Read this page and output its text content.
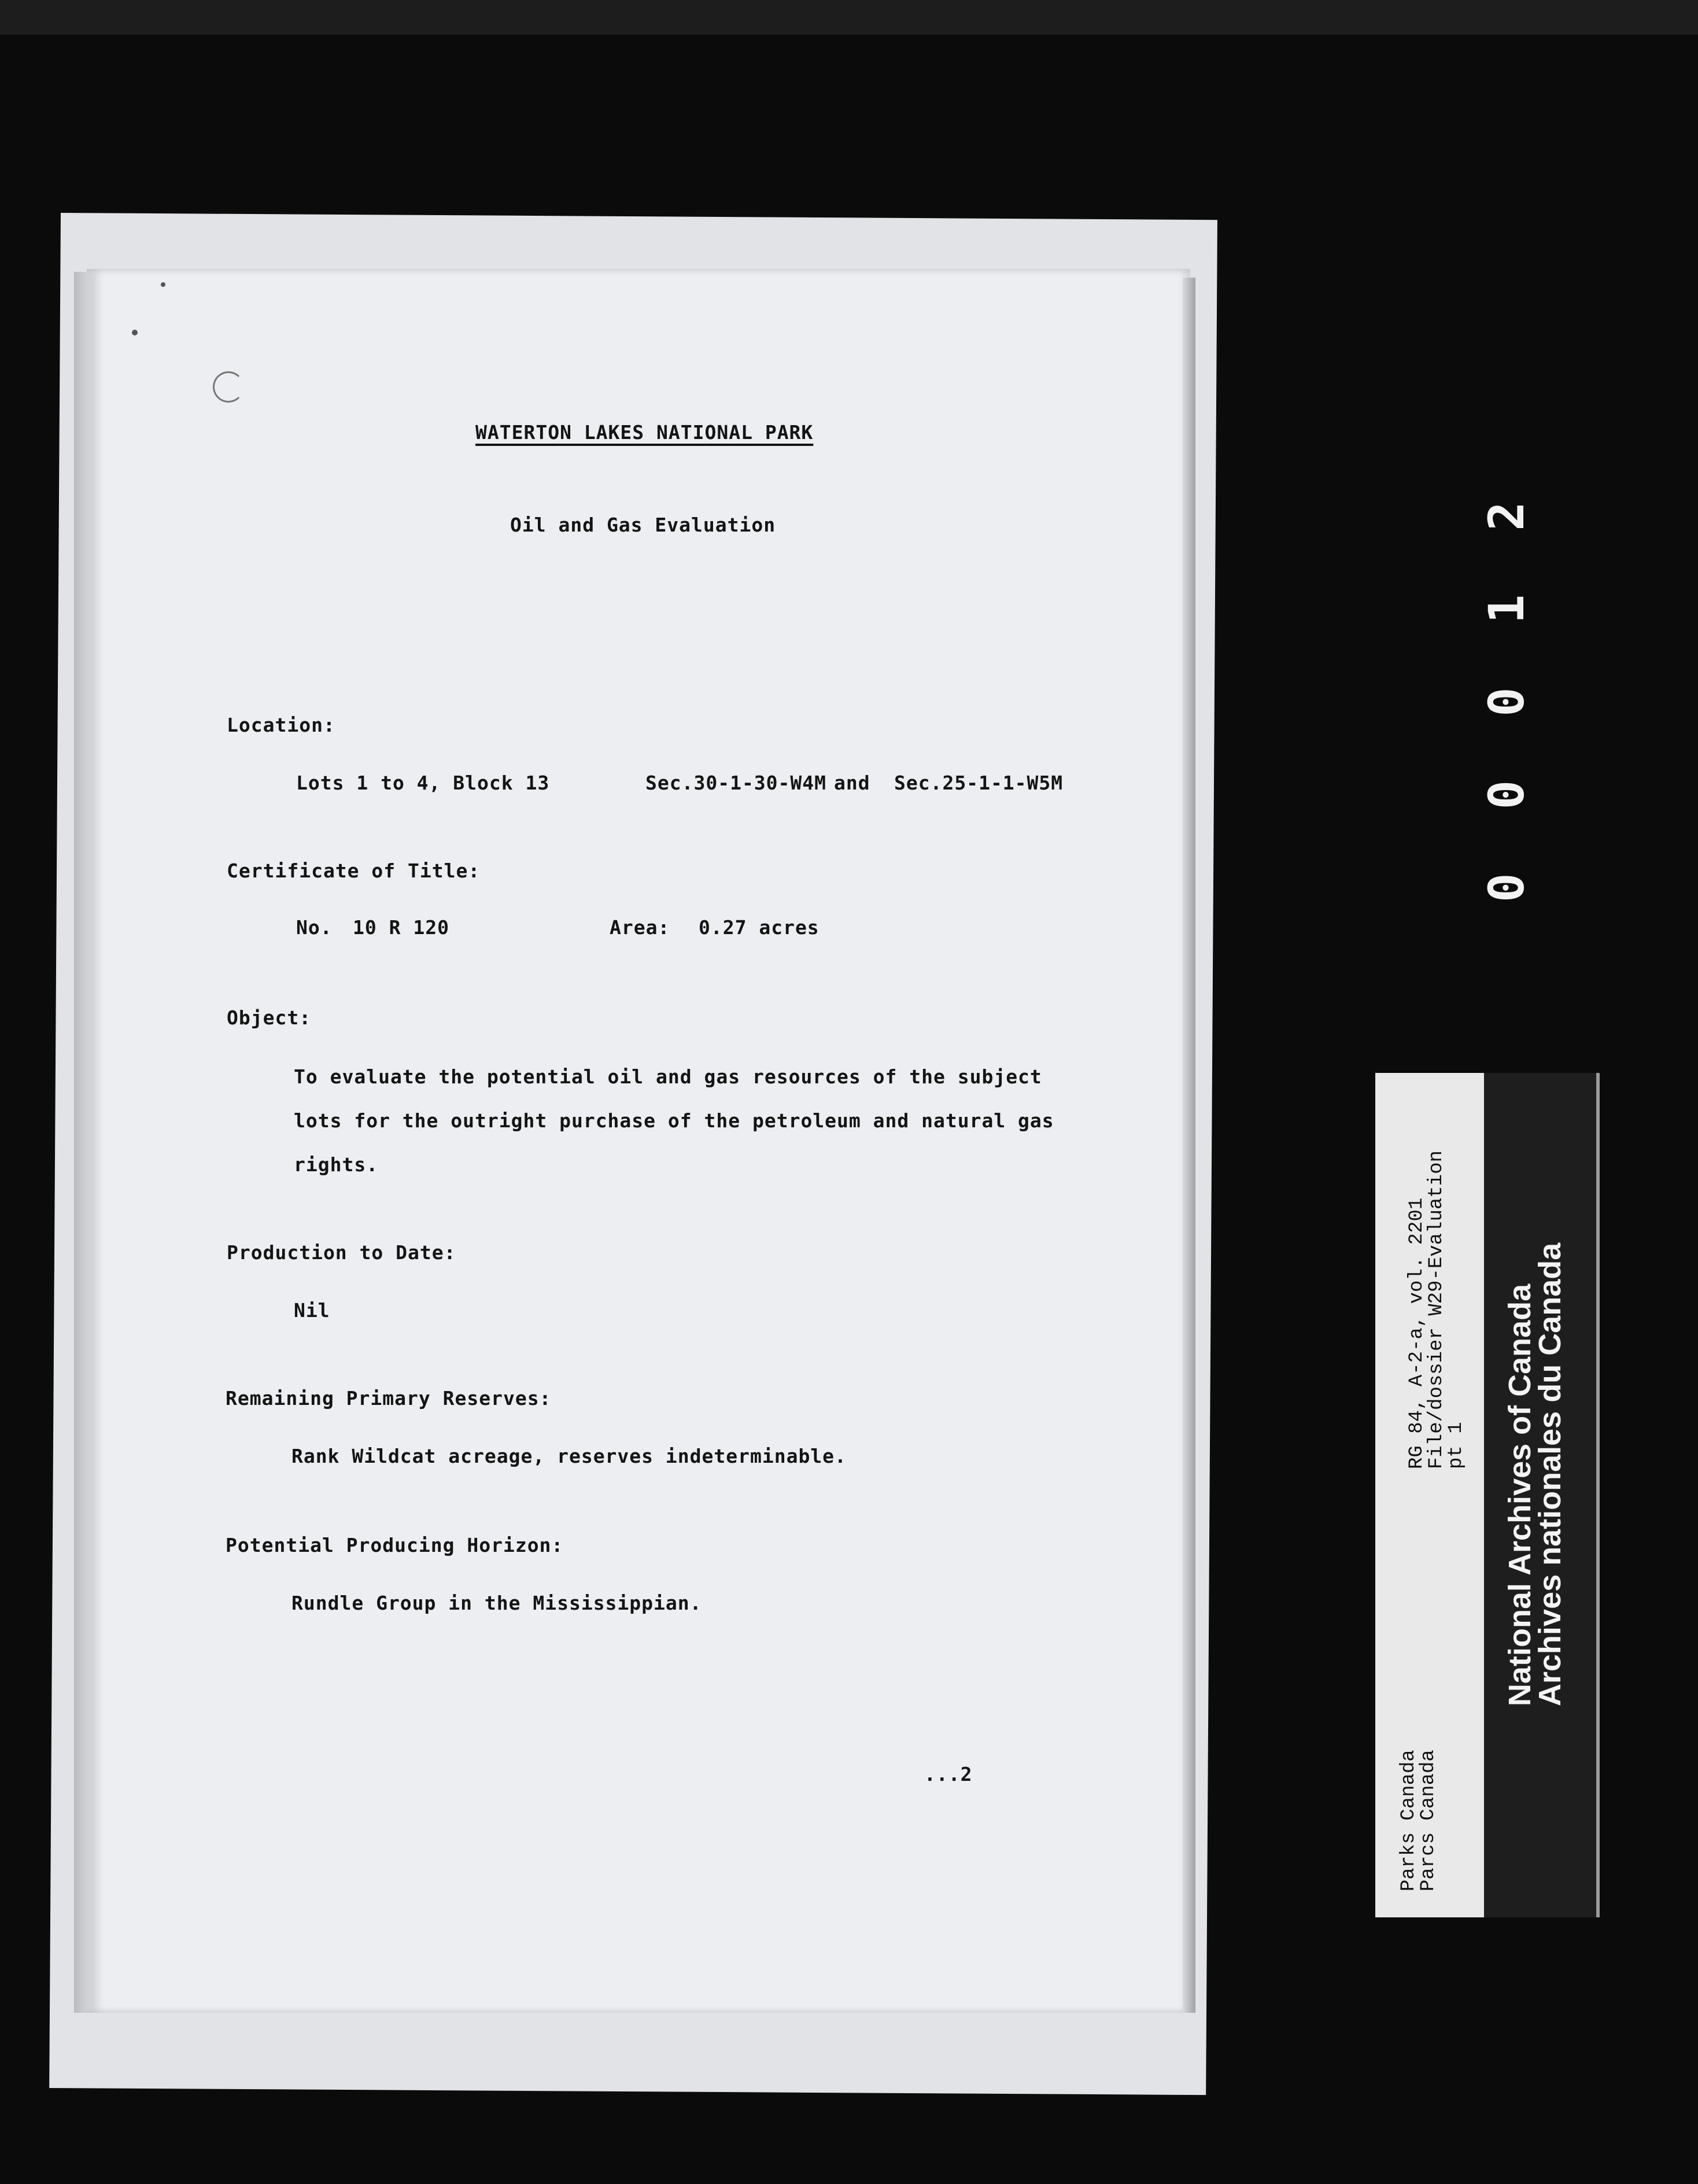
WATERTON LAKES NATIONAL PARK
Oil and Gas Evaluation
Location:
Lots 1 to 4, Block 13	Sec.30-1-30-W4M and Sec.25-1-1-W5M
Certificate of Title:
No. 10 R 120	Area: 0.27 acres
Object:
To evaluate the potential oil and gas resources of the subject
lots for the outright purchase of the petroleum and natural gas
rights.
Production to Date:
Nil
Remaining Primary Reserves:
Rank Wildcat acreage, reserves indeterminable.
Potential Producing Horizon:
Rundle Group in the Mississippian.
...2
00012
RG 84, A-2-a, vol. 2201
File/dossier W29-Evaluation
pt 1
Parks Canada
Parcs Canada
National Archives of Canada
Archives nationales du Canada
